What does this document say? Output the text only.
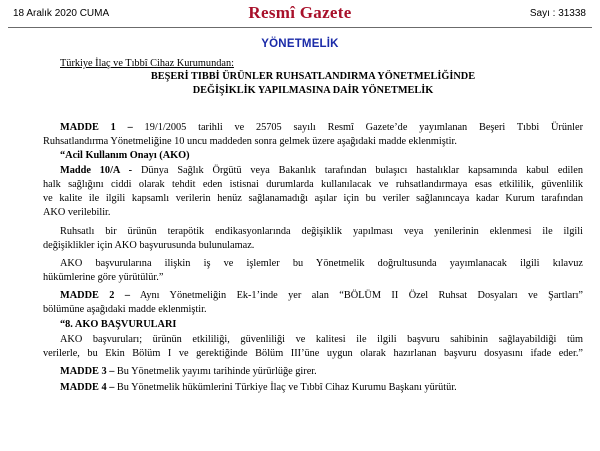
18 Aralık 2020 CUMA	Resmî Gazete	Sayı : 31338
YÖNETMELİK
Türkiye İlaç ve Tıbbî Cihaz Kurumundan:
BEŞERİ TIBBİ ÜRÜNLER RUHSATLANDIRMA YÖNETMELİĞİNDE
DEĞİŞİKLİK YAPILMASINA DAİR YÖNETMELİK
MADDE 1 – 19/1/2005 tarihli ve 25705 sayılı Resmî Gazete’de yayımlanan Beşeri Tıbbi Ürünler
Ruhsatlandırma Yönetmeliğine 10 uncu maddeden sonra gelmek üzere aşağıdaki madde eklenmiştir.
“Acil Kullanım Onayı (AKO)
Madde 10/A - Dünya Sağlık Örgütü veya Bakanlık tarafından bulaşıcı hastalıklar kapsamında kabul edilen
halk sağlığını ciddi olarak tehdit eden istisnai durumlarda kullanılacak ve ruhsatlandırmaya esas etkililik, güvenlilik
ve kalite ile ilgili kapsamlı verilerin henüz sağlanamadığı aşılar için bu veriler sağlanıncaya kadar Kurum tarafından
AKO verilebilir.
Ruhsatlı bir ürünün terapötik endikasyonlarında değişiklik yapılması veya yenilerinin eklenmesi ile ilgili
değişiklikler için AKO başvurusunda bulunulamaz.
AKO başvurularına ilişkin iş ve işlemler bu Yönetmelik doğrultusunda yayımlanacak ilgili kılavuz
hükümlerine göre yürütülür.”
MADDE 2 – Aynı Yönetmeliğin Ek-1’inde yer alan “BÖLÜM II Özel Ruhsat Dosyaları ve Şartları”
bölümüne aşağıdaki madde eklenmiştir.
“8. AKO BAŞVURULARI
AKO başvuruları; ürünün etkililiği, güvenliliği ve kalitesi ile ilgili başvuru sahibinin sağlayabildiği tüm
verilerle, bu Ekin Bölüm I ve gerektiğinde Bölüm III’üne uygun olarak hazırlanan başvuru dosyasını ifade eder.”
MADDE 3 – Bu Yönetmelik yayımı tarihinde yürürlüğe girer.
MADDE 4 – Bu Yönetmelik hükümlerini Türkiye İlaç ve Tıbbî Cihaz Kurumu Başkanı yürütür.
